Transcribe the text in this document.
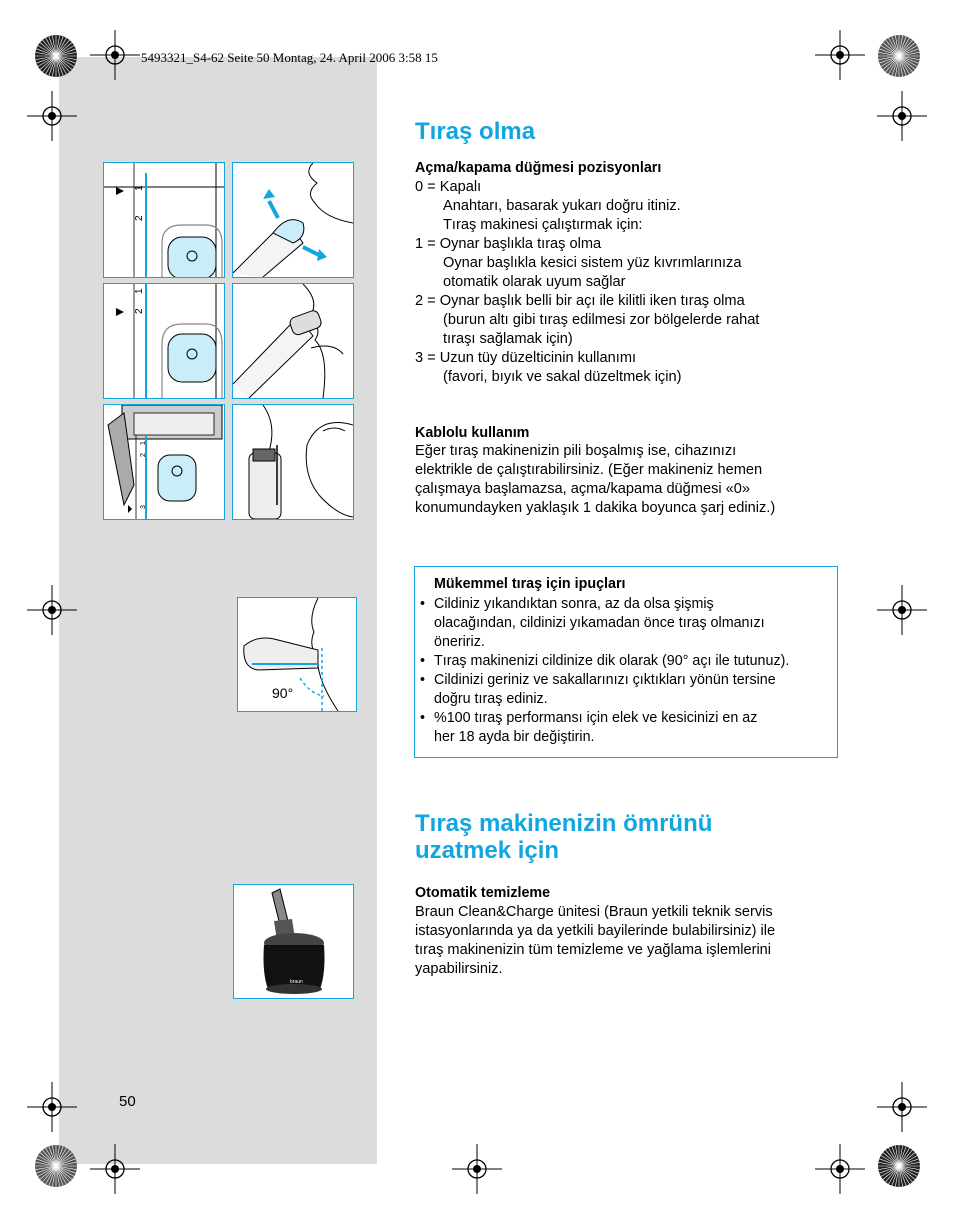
5493321_S4-62 Seite 50 Montag, 24. April 2006 3:58 15
Tıraş olma
Açma/kapama düğmesi pozisyonları
0 = Kapalı
Anahtarı, basarak yukarı doğru itiniz.
Tıraş makinesi çalıştırmak için:
1 = Oynar başlıkla tıraş olma
Oynar başlıkla kesici sistem yüz kıvrımlarınıza
otomatik olarak uyum sağlar
2 = Oynar başlık belli bir açı ile kilitli iken tıraş olma
(burun altı gibi tıraş edilmesi zor bölgelerde rahat
tıraşı sağlamak için)
3 = Uzun tüy düzelticinin kullanımı
(favori, bıyık ve sakal düzeltmek için)
Kablolu kullanım
Eğer tıraş makinenizin pili boşalmış ise, cihazınızı
elektrikle de çalıştırabilirsiniz. (Eğer makineniz hemen
çalışmaya başlamazsa, açma/kapama düğmesi «0»
konumundayken yaklaşık 1 dakika boyunca şarj ediniz.)
Mükemmel tıraş için ipuçları
• Cildiniz yıkandıktan sonra, az da olsa şişmiş
olacağından, cildinizi yıkamadan önce tıraş olmanızı
öneririz.
• Tıraş makinenizi cildinize dik olarak (90° açı ile tutunuz).
• Cildinizi geriniz ve sakallarınızı çıktıkları yönün tersine
doğru tıraş ediniz.
• %100 tıraş performansı için elek ve kesicinizi en az
her 18 ayda bir değiştirin.
Tıraş makinenizin ömrünü
uzatmek için
Otomatik temizleme
Braun Clean&Charge ünitesi (Braun yetkili teknik servis
istasyonlarında ya da yetkili bayilerinde bulabilirsiniz) ile
tıraş makinenizin tüm temizleme ve yağlama işlemlerini
yapabilirsiniz.
1
2
1
2
1
2
3
90°
braun
50
